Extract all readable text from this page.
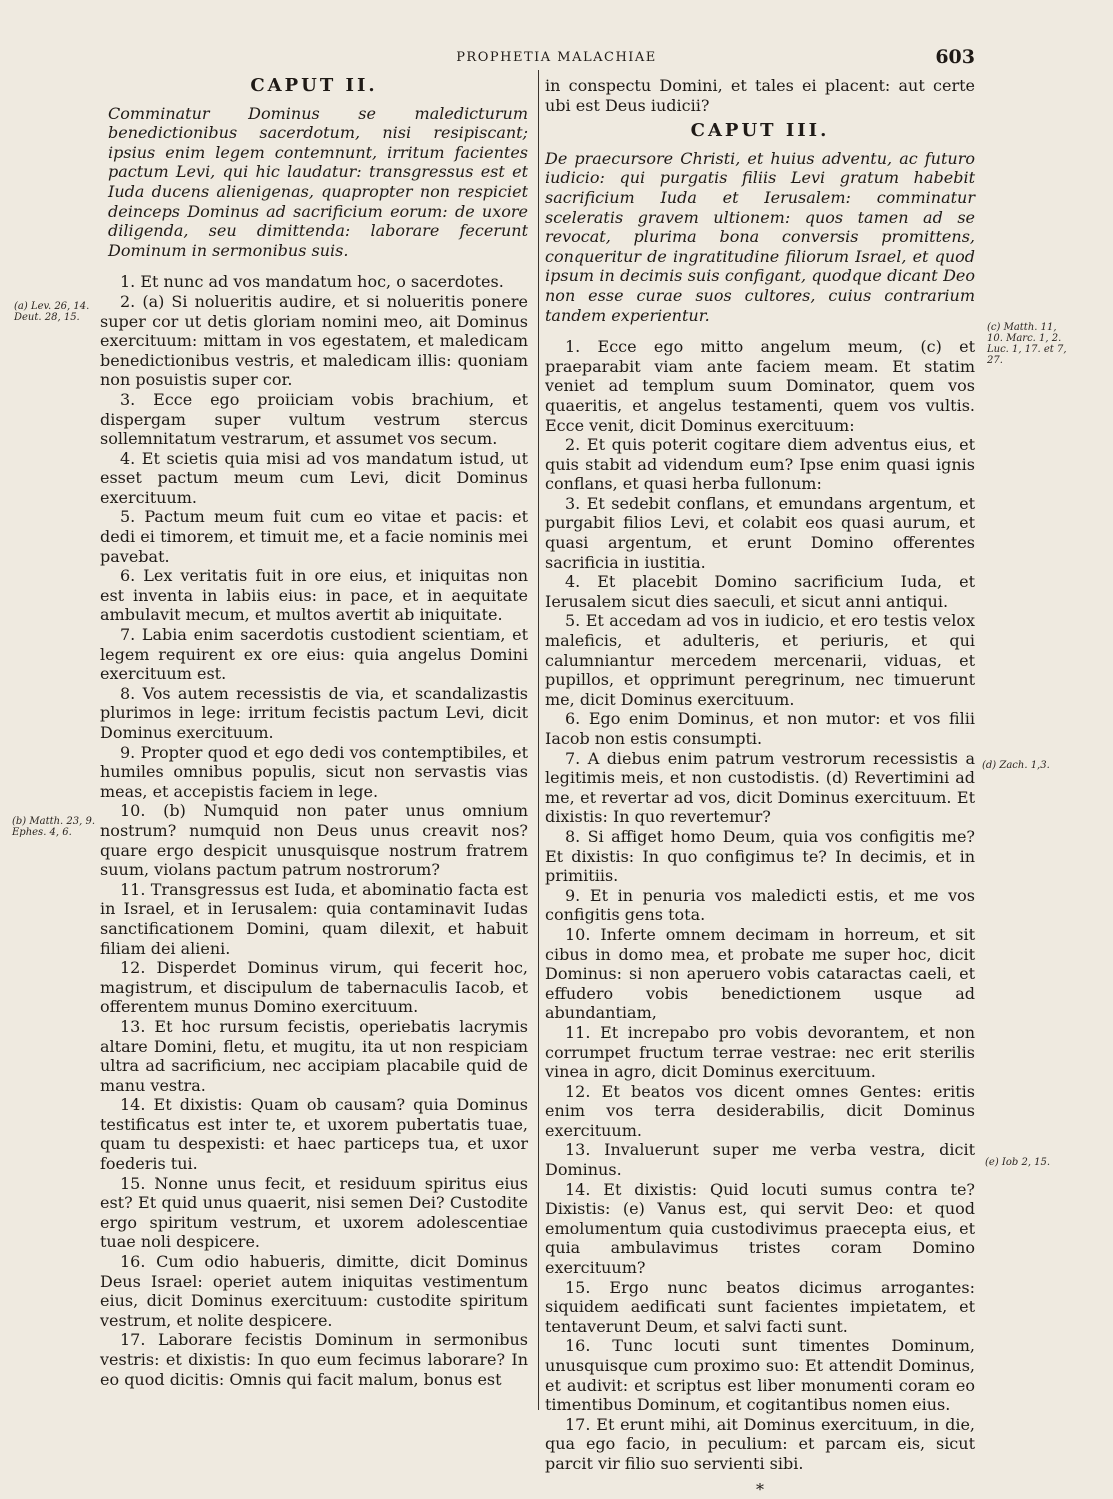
PROPHETIA MALACHIAE	603
CAPUT II.

Comminatur Dominus se maledicturum benedictionibus sacerdotum, nisi resipiscant; ipsius enim legem contemnunt, irritum facientes pactum Levi, qui hic laudatur: transgressus est et Iuda ducens alienigenas, quapropter non respiciet deinceps Dominus ad sacrificium eorum: de uxore diligenda, seu dimittenda: laborare fecerunt Dominum in sermonibus suis.

1. Et nunc ad vos mandatum hoc, o sacerdotes.

2. (a) Si nolueritis audire, et si nolueritis ponere super cor ut detis gloriam nomini meo, ait Dominus exercituum: mittam in vos egestatem, et maledicam benedictionibus vestris, et maledicam illis: quoniam non posuistis super cor.

3. Ecce ego proiiciam vobis brachium, et dispergam super vultum vestrum stercus sollemnitatum vestrarum, et assumet vos secum.

4. Et scietis quia misi ad vos mandatum istud, ut esset pactum meum cum Levi, dicit Dominus exercituum.

5. Pactum meum fuit cum eo vitae et pacis: et dedi ei timorem, et timuit me, et a facie nominis mei pavebat.

6. Lex veritatis fuit in ore eius, et iniquitas non est inventa in labiis eius: in pace, et in aequitate ambulavit mecum, et multos avertit ab iniquitate.

7. Labia enim sacerdotis custodient scientiam, et legem requirent ex ore eius: quia angelus Domini exercituum est.

8. Vos autem recessistis de via, et scandalizastis plurimos in lege: irritum fecistis pactum Levi, dicit Dominus exercituum.

9. Propter quod et ego dedi vos contemptibiles, et humiles omnibus populis, sicut non servastis vias meas, et accepistis faciem in lege.

10. (b) Numquid non pater unus omnium nostrum? numquid non Deus unus creavit nos? quare ergo despicit unusquisque nostrum fratrem suum, violans pactum patrum nostrorum?

11. Transgressus est Iuda, et abominatio facta est in Israel, et in Ierusalem: quia contaminavit Iudas sanctificationem Domini, quam dilexit, et habuit filiam dei alieni.

12. Disperdet Dominus virum, qui fecerit hoc, magistrum, et discipulum de tabernaculis Iacob, et offerentem munus Domino exercituum.

13. Et hoc rursum fecistis, operiebatis lacrymis altare Domini, fletu, et mugitu, ita ut non respiciam ultra ad sacrificium, nec accipiam placabile quid de manu vestra.

14. Et dixistis: Quam ob causam? quia Dominus testificatus est inter te, et uxorem pubertatis tuae, quam tu despexisti: et haec particeps tua, et uxor foederis tui.

15. Nonne unus fecit, et residuum spiritus eius est? Et quid unus quaerit, nisi semen Dei? Custodite ergo spiritum vestrum, et uxorem adolescentiae tuae noli despicere.

16. Cum odio habueris, dimitte, dicit Dominus Deus Israel: operiet autem iniquitas vestimentum eius, dicit Dominus exercituum: custodite spiritum vestrum, et nolite despicere.

17. Laborare fecistis Dominum in sermonibus vestris: et dixistis: In quo eum fecimus laborare? In eo quod dicitis: Omnis qui facit malum, bonus est

(a) Lev. 26, 14. Deut. 28, 15.
(b) Matth. 23, 9. Ephes. 4, 6.

in conspectu Domini, et tales ei placent: aut certe ubi est Deus iudicii?

CAPUT III.

De praecursore Christi, et huius adventu, ac futuro iudicio: qui purgatis filiis Levi gratum habebit sacrificium Iuda et Ierusalem: comminatur sceleratis gravem ultionem: quos tamen ad se revocat, plurima bona conversis promittens, conqueritur de ingratitudine filiorum Israel, et quod ipsum in decimis suis configant, quodque dicant Deo non esse curae suos cultores, cuius contrarium tandem experientur.

1. Ecce ego mitto angelum meum, (c) et praeparabit viam ante faciem meam. Et statim veniet ad templum suum Dominator, quem vos quaeritis, et angelus testamenti, quem vos vultis. Ecce venit, dicit Dominus exercituum:

2. Et quis poterit cogitare diem adventus eius, et quis stabit ad videndum eum? Ipse enim quasi ignis conflans, et quasi herba fullonum:

3. Et sedebit conflans, et emundans argentum, et purgabit filios Levi, et colabit eos quasi aurum, et quasi argentum, et erunt Domino offerentes sacrificia in iustitia.

4. Et placebit Domino sacrificium Iuda, et Ierusalem sicut dies saeculi, et sicut anni antiqui.

5. Et accedam ad vos in iudicio, et ero testis velox maleficis, et adulteris, et periuris, et qui calumniantur mercedem mercenarii, viduas, et pupillos, et opprimunt peregrinum, nec timuerunt me, dicit Dominus exercituum.

6. Ego enim Dominus, et non mutor: et vos filii Iacob non estis consumpti.

7. A diebus enim patrum vestrorum recessistis a legitimis meis, et non custodistis. (d) Revertimini ad me, et revertar ad vos, dicit Dominus exercituum. Et dixistis: In quo revertemur?

8. Si affiget homo Deum, quia vos configitis me? Et dixistis: In quo configimus te? In decimis, et in primitiis.

9. Et in penuria vos maledicti estis, et me vos configitis gens tota.

10. Inferte omnem decimam in horreum, et sit cibus in domo mea, et probate me super hoc, dicit Dominus: si non aperuero vobis cataractas caeli, et effudero vobis benedictionem usque ad abundantiam,

11. Et increpabo pro vobis devorantem, et non corrumpet fructum terrae vestrae: nec erit sterilis vinea in agro, dicit Dominus exercituum.

12. Et beatos vos dicent omnes Gentes: eritis enim vos terra desiderabilis, dicit Dominus exercituum.

13. Invaluerunt super me verba vestra, dicit Dominus.

14. Et dixistis: Quid locuti sumus contra te? Dixistis: (e) Vanus est, qui servit Deo: et quod emolumentum quia custodivimus praecepta eius, et quia ambulavimus tristes coram Domino exercituum?

15. Ergo nunc beatos dicimus arrogantes: siquidem aedificati sunt facientes impietatem, et tentaverunt Deum, et salvi facti sunt.

16. Tunc locuti sunt timentes Dominum, unusquisque cum proximo suo: Et attendit Dominus, et audivit: et scriptus est liber monumenti coram eo timentibus Dominum, et cogitantibus nomen eius.

17. Et erunt mihi, ait Dominus exercituum, in die, qua ego facio, in peculium: et parcam eis, sicut parcit vir filio suo servienti sibi.

*
(c) Matth. 11, 10. Marc. 1, 2. Luc. 1, 17. et 7, 27.
(d) Zach. 1,3.
(e) Iob 2, 15.
